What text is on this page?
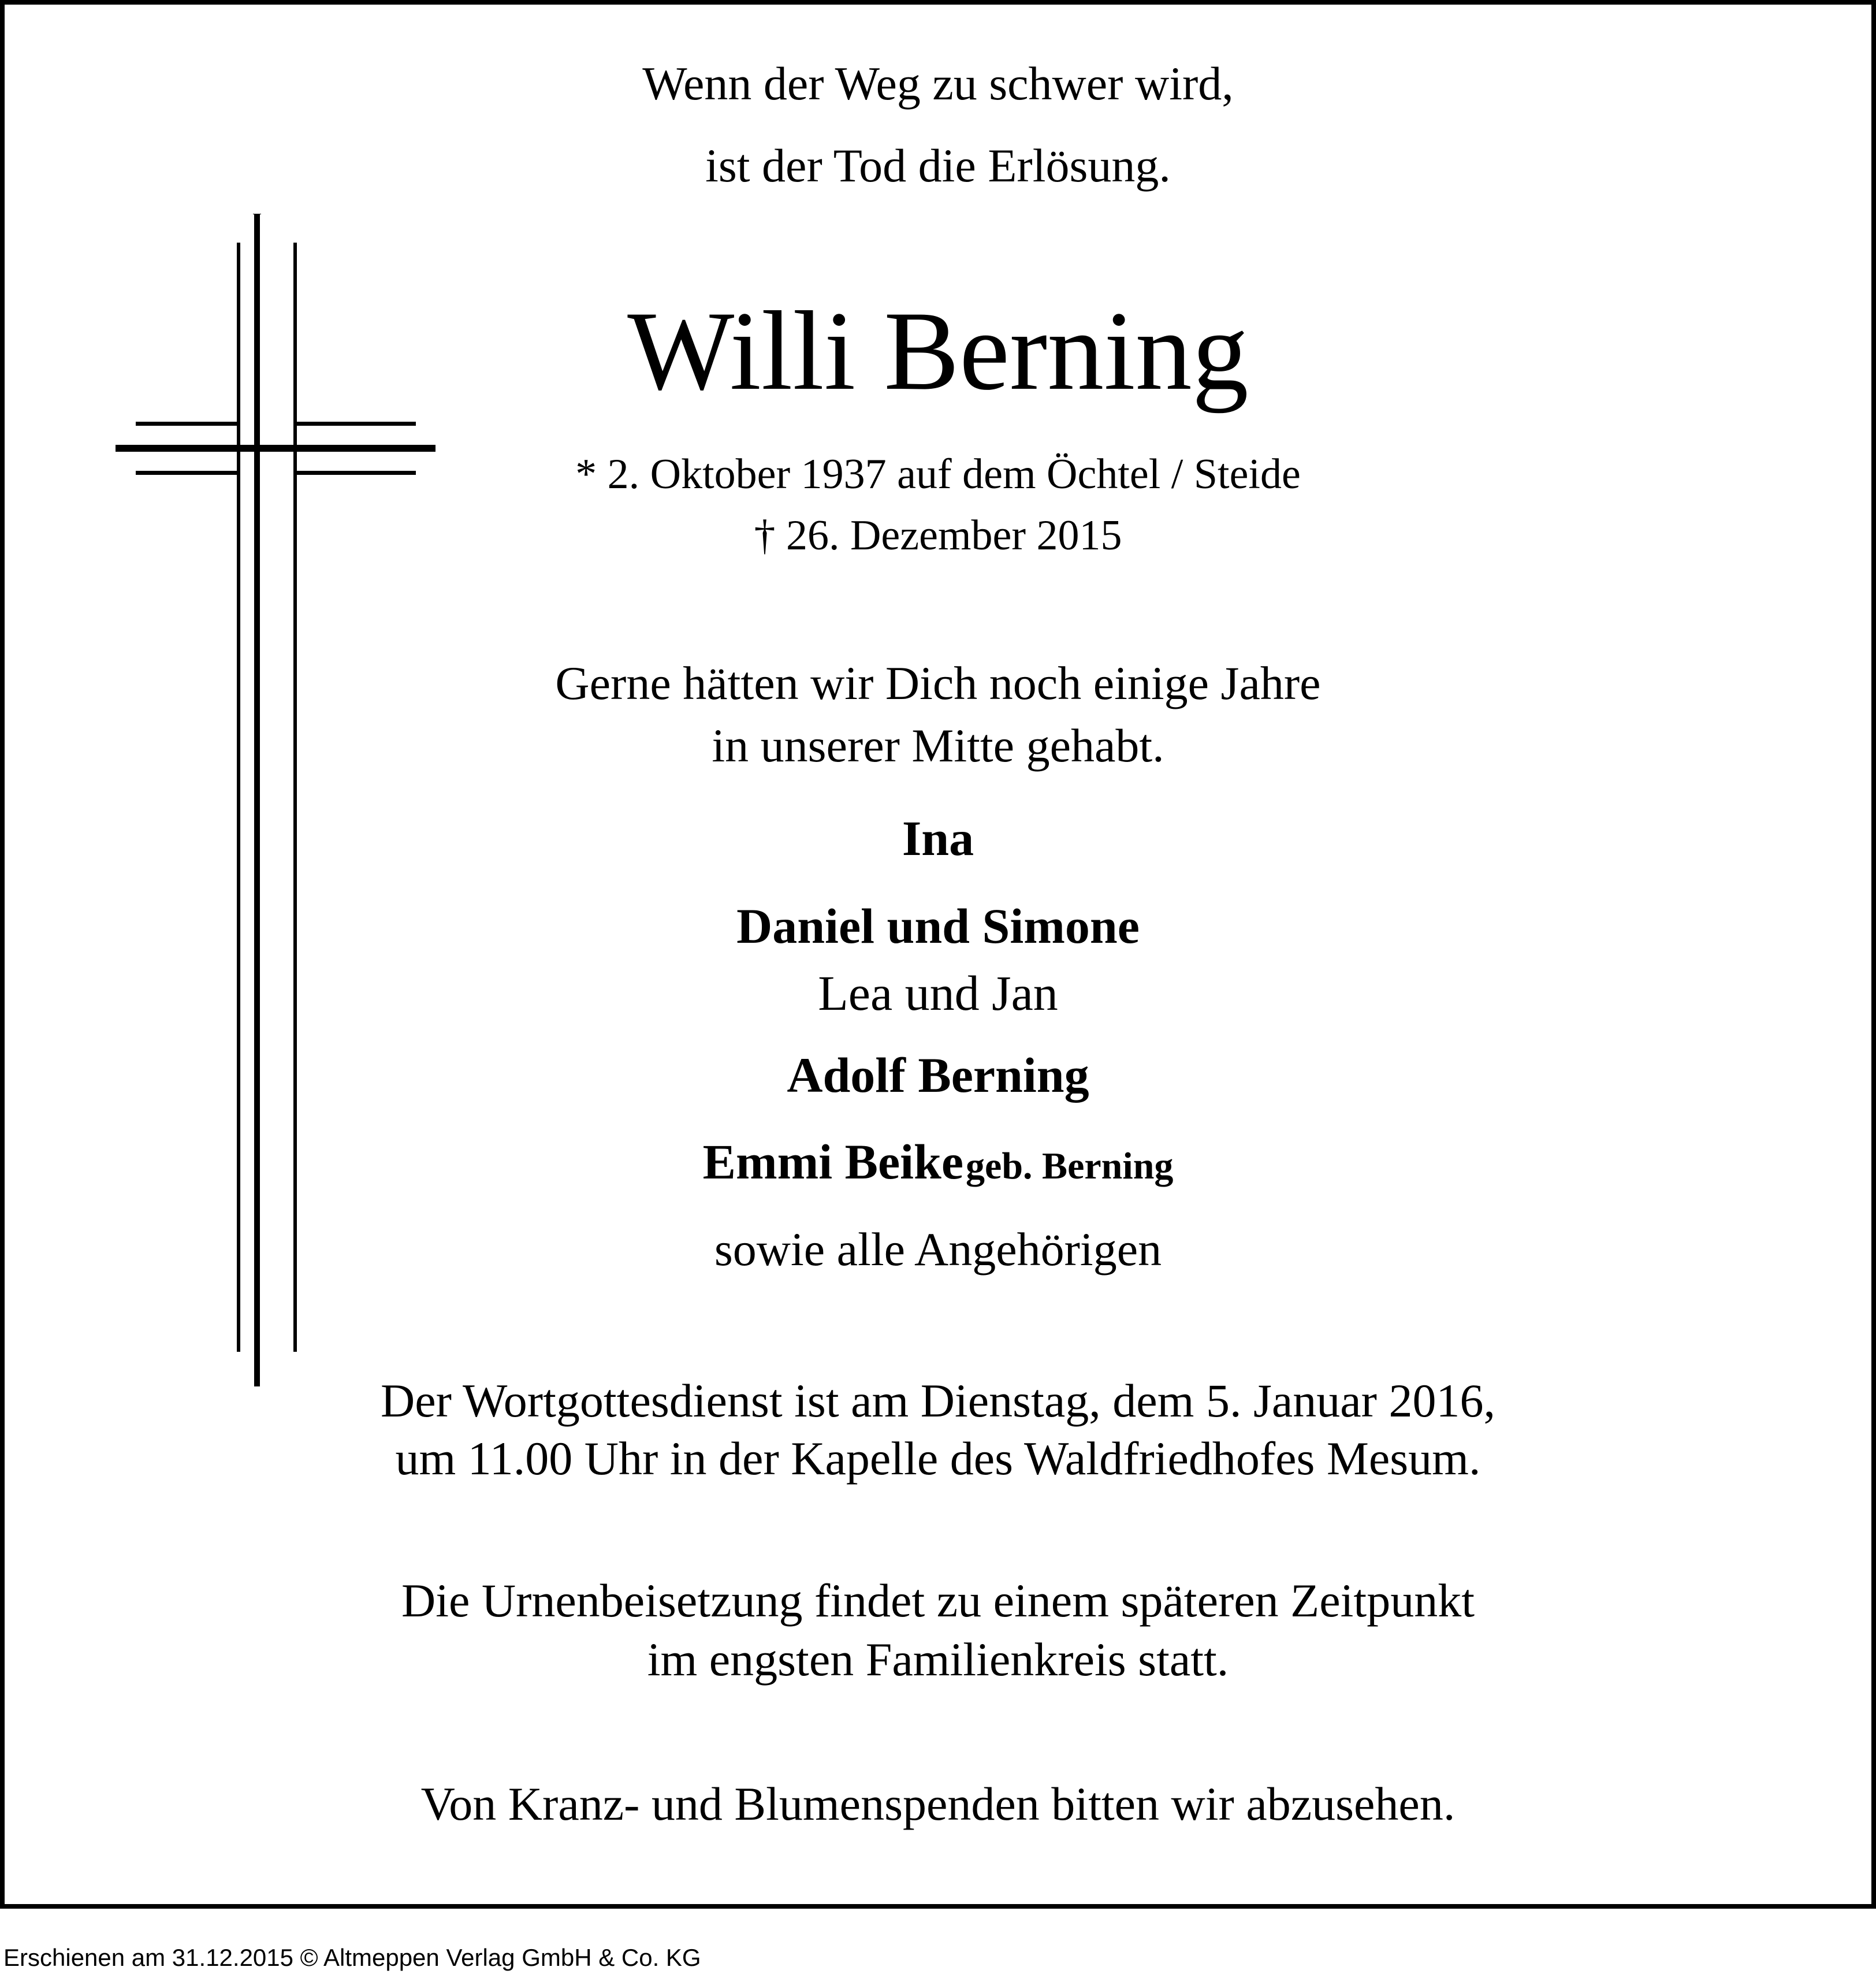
Wenn der Weg zu schwer wird,
ist der Tod die Erlösung.
Willi Berning
* 2. Oktober 1937 auf dem Öchtel / Steide
† 26. Dezember 2015
Gerne hätten wir Dich noch einige Jahre
in unserer Mitte gehabt.
Ina
Daniel und Simone
Lea und Jan
Adolf Berning
Emmi Beike geb. Berning
sowie alle Angehörigen
Der Wortgottesdienst ist am Dienstag, dem 5. Januar 2016,
um 11.00 Uhr in der Kapelle des Waldfriedhofes Mesum.
Die Urnenbeisetzung findet zu einem späteren Zeitpunkt
im engsten Familienkreis statt.
Von Kranz- und Blumenspenden bitten wir abzusehen.
Erschienen am 31.12.2015 © Altmeppen Verlag GmbH & Co. KG
